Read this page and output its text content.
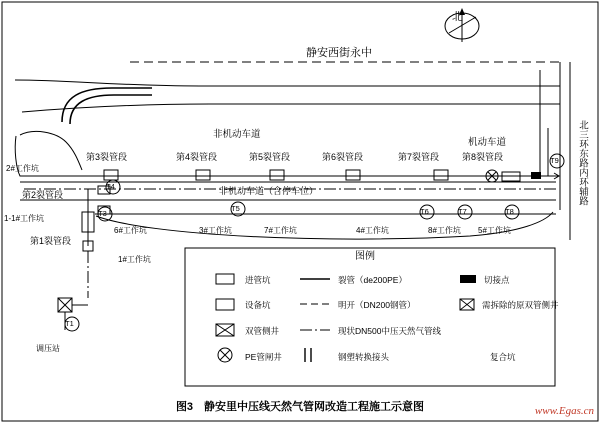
北
静安西街永中
非机动车道
机动车道
非机动车道（含停车位）	北三环东路内环辅路
第3裂管段	第4裂管段	第5裂管段	第6裂管段	第7裂管段	第8裂管段
第2裂管段
第1裂管段
2#工作坑
1-1#工作坑
6#工作坑	3#工作坑	7#工作坑	4#工作坑	8#工作坑 5#工作坑
1#工作坑
调压站
T4
T3
T5	T6	T7	T8
T9
T1
图例
进管坑	裂管（de200PE）	切接点
设备坑	明开（DN200钢管）	需拆除的原双管侧井
双管侧井	现状DN500中压天然气管线
PE管闸井	钢塑转换接头	复合坑
图3　静安里中压线天然气管网改造工程施工示意图	www.Egas.cn
